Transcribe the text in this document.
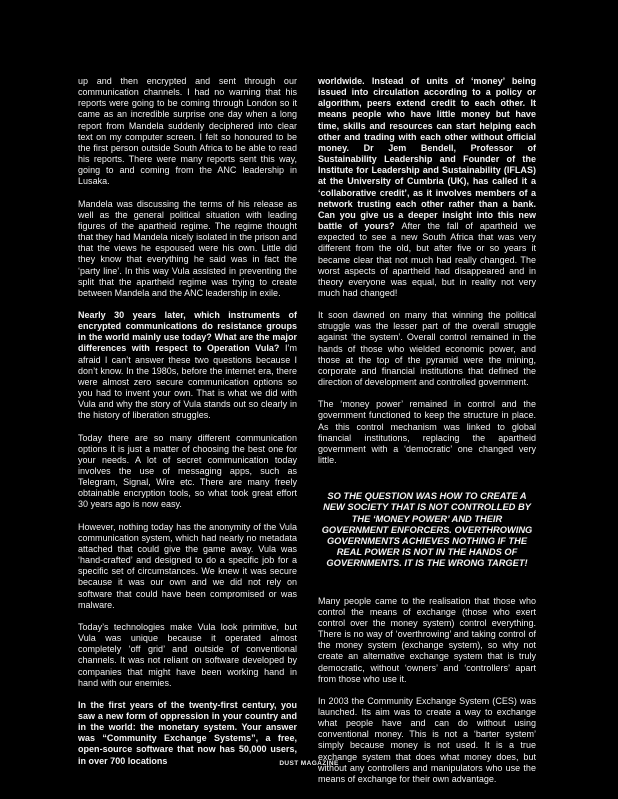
up and then encrypted and sent through our communication channels. I had no warning that his reports were going to be coming through London so it came as an incredible surprise one day when a long report from Mandela suddenly deciphered into clear text on my computer screen. I felt so honoured to be the first person outside South Africa to be able to read his reports. There were many reports sent this way, going to and coming from the ANC leadership in Lusaka.

Mandela was discussing the terms of his release as well as the general political situation with leading figures of the apartheid regime. The regime thought that they had Mandela nicely isolated in the prison and that the views he espoused were his own. Little did they know that everything he said was in fact the ‘party line’. In this way Vula assisted in preventing the split that the apartheid regime was trying to create between Mandela and the ANC leadership in exile.

Nearly 30 years later, which instruments of encrypted communications do resistance groups in the world mainly use today? What are the major differences with respect to Operation Vula? I’m afraid I can’t answer these two questions because I don’t know. In the 1980s, before the internet era, there were almost zero secure communication options so you had to invent your own. That is what we did with Vula and why the story of Vula stands out so clearly in the history of liberation struggles.

Today there are so many different communication options it is just a matter of choosing the best one for your needs. A lot of secret communication today involves the use of messaging apps, such as Telegram, Signal, Wire etc. There are many freely obtainable encryption tools, so what took great effort 30 years ago is now easy.

However, nothing today has the anonymity of the Vula communication system, which had nearly no metadata attached that could give the game away. Vula was ‘hand-crafted’ and designed to do a specific job for a specific set of circumstances. We knew it was secure because it was our own and we did not rely on software that could have been compromised or was malware.

Today’s technologies make Vula look primitive, but Vula was unique because it operated almost completely ‘off grid’ and outside of conventional channels. It was not reliant on software developed by companies that might have been working hand in hand with our enemies.

In the first years of the twenty-first century, you saw a new form of oppression in your country and in the world: the monetary system. Your answer was “Community Exchange Systems”, a free, open-source software that now has 50,000 users, in over 700 locations

worldwide. Instead of units of ‘money’ being issued into circulation according to a policy or algorithm, peers extend credit to each other. It means people who have little money but have time, skills and resources can start helping each other and trading with each other without official money. Dr Jem Bendell, Professor of Sustainability Leadership and Founder of the Institute for Leadership and Sustainability (IFLAS) at the University of Cumbria (UK), has called it a ‘collaborative credit’, as it involves members of a network trusting each other rather than a bank. Can you give us a deeper insight into this new battle of yours? After the fall of apartheid we expected to see a new South Africa that was very different from the old, but after five or so years it became clear that not much had really changed. The worst aspects of apartheid had disappeared and in theory everyone was equal, but in reality not very much had changed!

It soon dawned on many that winning the political struggle was the lesser part of the overall struggle against ‘the system’. Overall control remained in the hands of those who wielded economic power, and those at the top of the pyramid were the mining, corporate and financial institutions that defined the direction of development and controlled government.

The ‘money power’ remained in control and the government functioned to keep the structure in place. As this control mechanism was linked to global financial institutions, replacing the apartheid government with a ‘democratic’ one changed very little.

SO THE QUESTION WAS HOW TO CREATE A NEW SOCIETY THAT IS NOT CONTROLLED BY THE ‘MONEY POWER’ AND THEIR GOVERNMENT ENFORCERS. OVERTHROWING GOVERNMENTS ACHIEVES NOTHING IF THE REAL POWER IS NOT IN THE HANDS OF GOVERNMENTS. IT IS THE WRONG TARGET!

Many people came to the realisation that those who control the means of exchange (those who exert control over the money system) control everything. There is no way of ‘overthrowing’ and taking control of the money system (exchange system), so why not create an alternative exchange system that is truly democratic, without ‘owners’ and ‘controllers’ apart from those who use it.

In 2003 the Community Exchange System (CES) was launched. Its aim was to create a way to exchange what people have and can do without using conventional money. This is not a ‘barter system’ simply because money is not used. It is a true exchange system that does what money does, but without any controllers and manipulators who use the means of exchange for their own advantage.

DUST MAGAZINE
